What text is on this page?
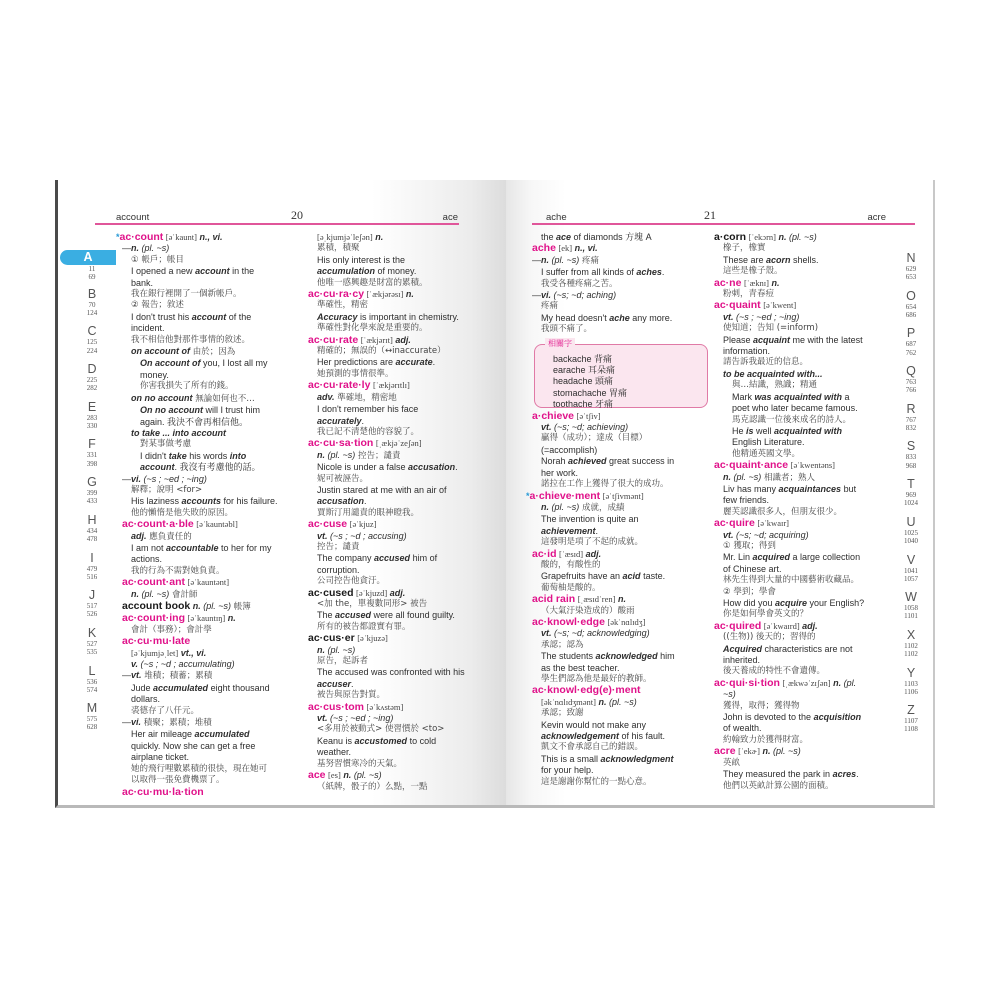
account	20	ace
A
11
69
B
70
124
C
125
224
D
225
282
E
283
330
F
331
398
G
399
433
H
434
478
I
479
516
J
517
526
K
527
535
L
536
574
M
575
628
*ac·count [əˈkaunt] n., vi.
—n. (pl. ~s)
① 帳戶；帳目
I opened a new account in the
bank.
我在銀行裡開了一個新帳戶。
② 報告；敘述
I don't trust his account of the
incident.
我不相信他對那件事情的敘述。
on account of 由於；因為
On account of you, I lost all my
money.
你害我損失了所有的錢。
on no account 無論如何也不…
On no account will I trust him
again. 我決不會再相信他。
to take ... into account
對某事做考慮
I didn't take his words into
account. 我沒有考慮他的話。
—vi. (~s ; ~ed ; ~ing)
解釋；說明 <for>
His laziness accounts for his failure.
他的懶惰是他失敗的原因。
ac·count·a·ble [əˈkauntəbl]
adj. 應負責任的
I am not accountable to her for my
actions.
我的行為不需對她負責。
ac·count·ant [əˈkauntənt]
n. (pl. ~s) 會計師
account book n. (pl. ~s) 帳簿
ac·count·ing [əˈkauntɪŋ] n.
會計（事務）；會計學
ac·cu·mu·late
[əˈkjumjəˌlet] vt., vi.
v. (~s ; ~d ; accumulating)
—vt. 堆積；積蓄；累積
Jude accumulated eight thousand
dollars.
裘德存了八仟元。
—vi. 積聚；累積；堆積
Her air mileage accumulated
quickly. Now she can get a free
airplane ticket.
她的飛行哩數累積的很快，現在她可
以取得一張免費機票了。
ac·cu·mu·la·tion
[əˌkjumjəˈleʃən] n.
累積，積聚
His only interest is the
accumulation of money.
他唯一感興趣是財富的累積。
ac·cu·ra·cy [ˈækjərəsɪ] n.
準確性，精密
Accuracy is important in chemistry.
準確性對化學來說是重要的。
ac·cu·rate [ˈækjərɪt] adj.
精確的；無誤的（↔inaccurate）
Her predictions are accurate.
她預測的事情很準。
ac·cu·rate·ly [ˈækjərɪtlɪ]
adv. 準確地，精密地
I don't remember his face
accurately.
我已記不清楚他的容貌了。
ac·cu·sa·tion [ˌækjəˈzeʃən]
n. (pl. ~s) 控告；譴責
Nicole is under a false accusation.
妮可被誣告。
Justin stared at me with an air of
accusation.
賈斯汀用譴責的眼神瞪我。
ac·cuse [əˈkjuz]
vt. (~s ; ~d ; accusing)
控告；譴責
The company accused him of
corruption.
公司控告他貪汙。
ac·cused [əˈkjuzd] adj.
<加 the，單複數同形> 被告
The accused were all found guilty.
所有的被告都證實有罪。
ac·cus·er [əˈkjuzə]
n. (pl. ~s)
原告，起訴者
The accused was confronted with his
accuser.
被告與原告對質。
ac·cus·tom [əˈkʌstəm]
vt. (~s ; ~ed ; ~ing)
<多用於被動式> 使習慣於 <to>
Keanu is accustomed to cold
weather.
基努習慣寒冷的天氣。
ace [es] n. (pl. ~s)
（紙牌，骰子的）么點，一點
ache	21	acre
N
629
653
O
654
686
P
687
762
Q
763
766
R
767
832
S
833
968
T
969
1024
U
1025
1040
V
1041
1057
W
1058
1101
X
1102
1102
Y
1103
1106
Z
1107
1108
the ace of diamonds 方塊 A
ache [ek] n., vi.
—n. (pl. ~s) 疼痛
I suffer from all kinds of aches.
我受各種疼痛之苦。
—vi. (~s; ~d; aching)
疼痛
My head doesn't ache any more.
我頭不痛了。
相關字
backache 背痛
earache 耳朵痛
headache 頭痛
stomachache 胃痛
toothache 牙痛
a·chieve [əˈtʃiv]
vt. (~s; ~d; achieving)
贏得（成功）；達成（目標）
(=accomplish)
Norah achieved great success in
her work.
諾拉在工作上獲得了很大的成功。
*a·chieve·ment [əˈtʃivmənt]
n. (pl. ~s) 成就，成績
The invention is quite an
achievement.
這發明是項了不起的成就。
ac·id [ˈæsɪd] adj.
酸的，有酸性的
Grapefruits have an acid taste.
葡萄柚是酸的。
acid rain [ˌæsɪdˈren] n.
（大氣汙染造成的）酸雨
ac·knowl·edge [əkˈnɑlɪdʒ]
vt. (~s; ~d; acknowledging)
承認；認為
The students acknowledged him
as the best teacher.
學生們認為他是最好的教師。
ac·knowl·edg(e)·ment
[əkˈnɑlɪdʒmənt] n. (pl. ~s)
承認；致謝
Kevin would not make any
acknowledgement of his fault.
凱文不會承認自己的錯誤。
This is a small acknowledgment
for your help.
這是謝謝你幫忙的一點心意。
a·corn [ˈekɔrn] n. (pl. ~s)
橡子，橡實
These are acorn shells.
這些是橡子殼。
ac·ne [ˈæknɪ] n.
粉刺，青春痘
ac·quaint [əˈkwent]
vt. (~s ; ~ed ; ~ing)
使知道；告知 (=inform)
Please acquaint me with the latest
information.
請告訴我最近的信息。
to be acquainted with...
與…結識，熟識；精通
Mark was acquainted with a
poet who later became famous.
馬克認識一位後來成名的詩人。
He is well acquainted with
English Literature.
他精通英國文學。
ac·quaint·ance [əˈkwentəns]
n. (pl. ~s) 相識者；熟人
Liv has many acquaintances but
few friends.
麗芙認識很多人，但朋友很少。
ac·quire [əˈkwaɪr]
vt. (~s; ~d; acquiring)
① 獲取；得到
Mr. Lin acquired a large collection
of Chinese art.
林先生得到大量的中國藝術收藏品。
② 學到；學會
How did you acquire your English?
你是如何學會英文的？
ac·quired [əˈkwaɪrd] adj.
((生物)) 後天的；習得的
Acquired characteristics are not
inherited.
後天養成的特性不會遺傳。
ac·qui·si·tion [ˌækwəˈzɪʃən] n. (pl.
~s)
獲得，取得；獲得物
John is devoted to the acquisition
of wealth.
約翰致力於獲得財富。
acre [ˈekɚ] n. (pl. ~s)
英畝
They measured the park in acres.
他們以英畝計算公園的面積。
